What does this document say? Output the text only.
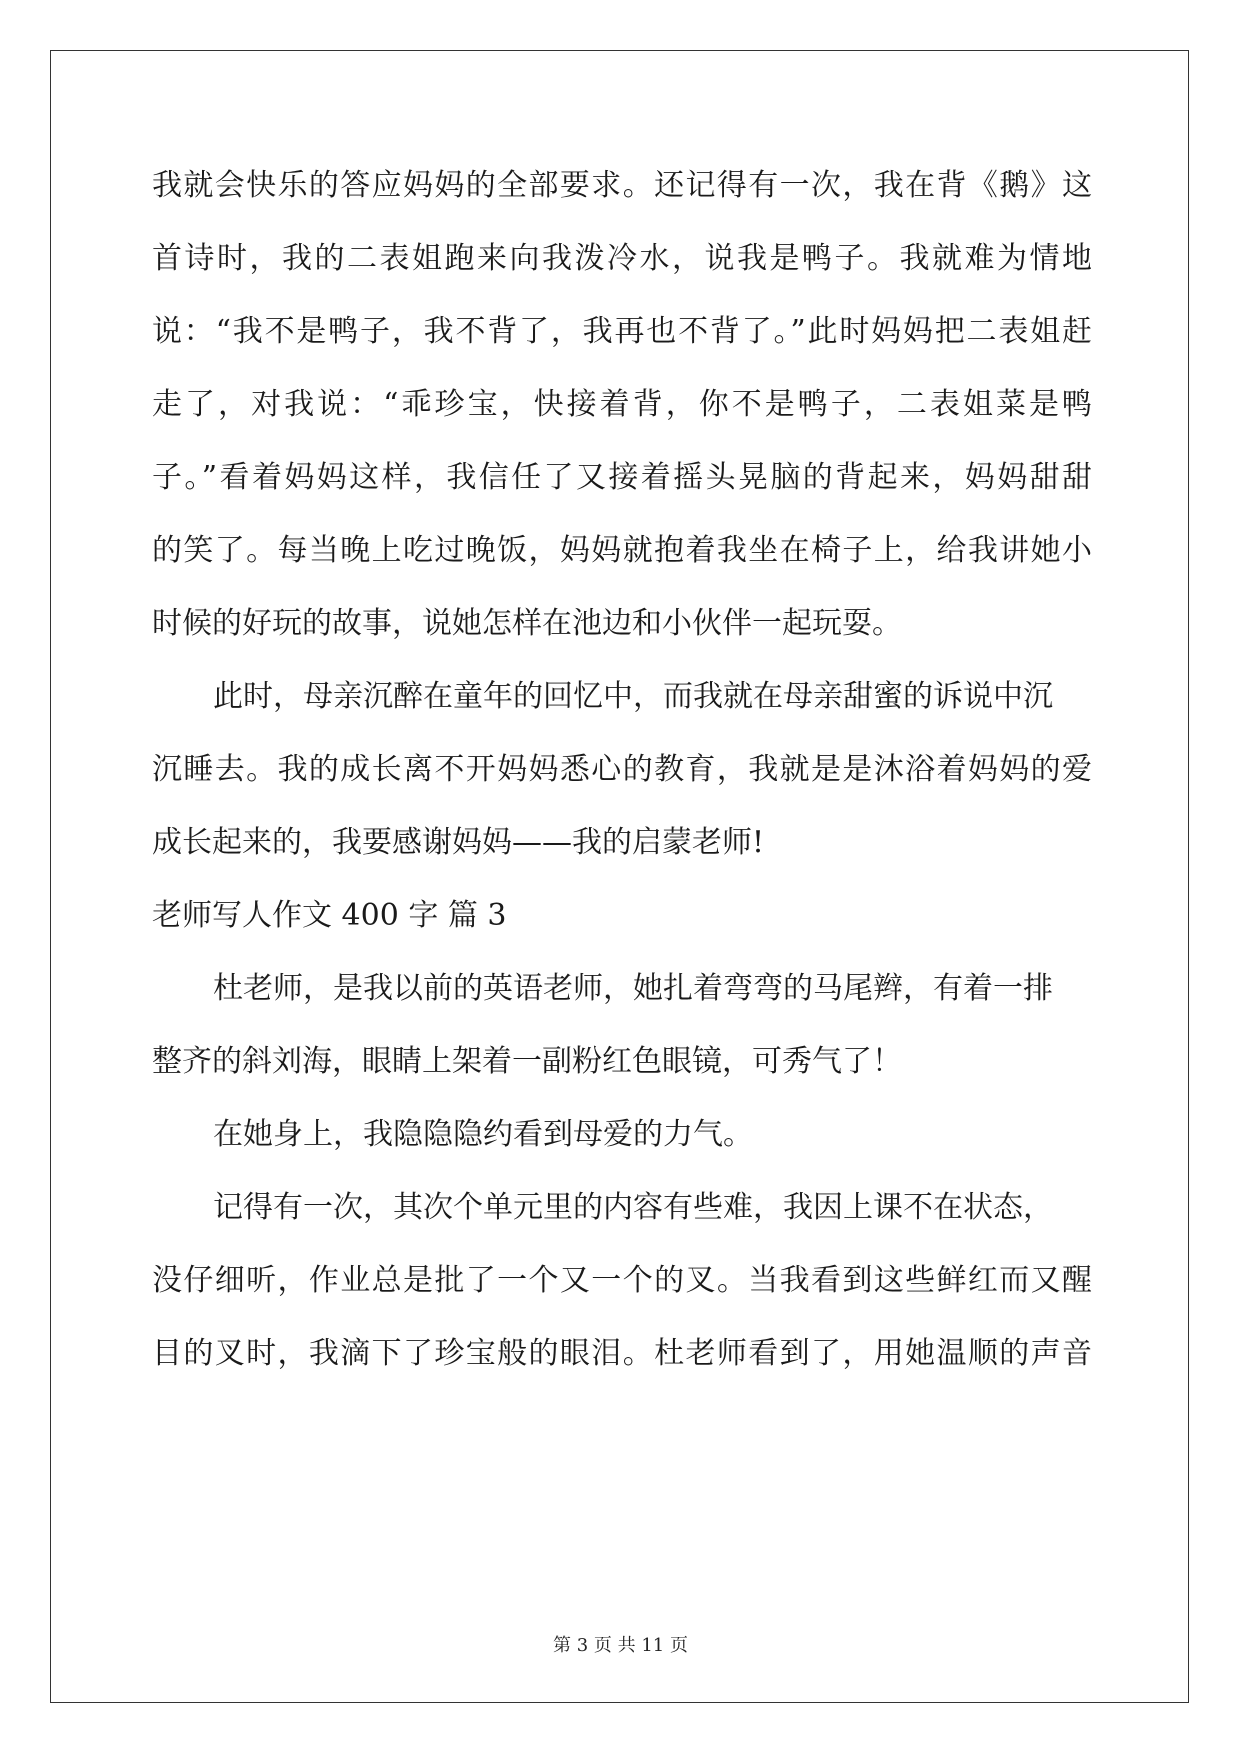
我就会快乐的答应妈妈的全部要求。还记得有一次，我在背《鹅》这
首诗时，我的二表姐跑来向我泼冷水，说我是鸭子。我就难为情地
说：“我不是鸭子，我不背了，我再也不背了。”此时妈妈把二表姐赶
走了，对我说：“乖珍宝，快接着背，你不是鸭子，二表姐菜是鸭
子。”看着妈妈这样，我信任了又接着摇头晃脑的背起来，妈妈甜甜
的笑了。每当晚上吃过晚饭，妈妈就抱着我坐在椅子上，给我讲她小
时候的好玩的故事，说她怎样在池边和小伙伴一起玩耍。
此时，母亲沉醉在童年的回忆中，而我就在母亲甜蜜的诉说中沉
沉睡去。我的成长离不开妈妈悉心的教育，我就是是沐浴着妈妈的爱
成长起来的，我要感谢妈妈——我的启蒙老师!
老师写人作文 400 字 篇 3
杜老师，是我以前的英语老师，她扎着弯弯的马尾辫，有着一排
整齐的斜刘海，眼睛上架着一副粉红色眼镜，可秀气了！
在她身上，我隐隐隐约看到母爱的力气。
记得有一次，其次个单元里的内容有些难，我因上课不在状态，
没仔细听，作业总是批了一个又一个的叉。当我看到这些鲜红而又醒
目的叉时，我滴下了珍宝般的眼泪。杜老师看到了，用她温顺的声音
第 3 页 共 11 页
